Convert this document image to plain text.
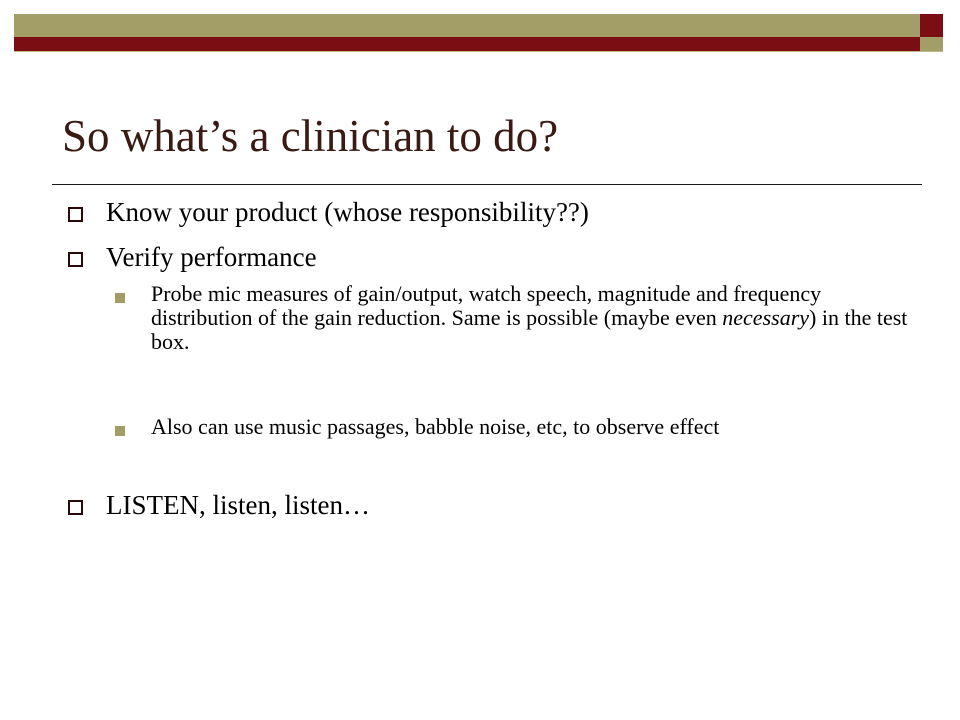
So what’s a clinician to do?
Know your product (whose responsibility??)
Verify performance
Probe mic measures of gain/output, watch speech, magnitude and frequency distribution of the gain reduction. Same is possible (maybe even necessary) in the test box.
Also can use music passages, babble noise, etc, to observe effect
LISTEN, listen, listen…
